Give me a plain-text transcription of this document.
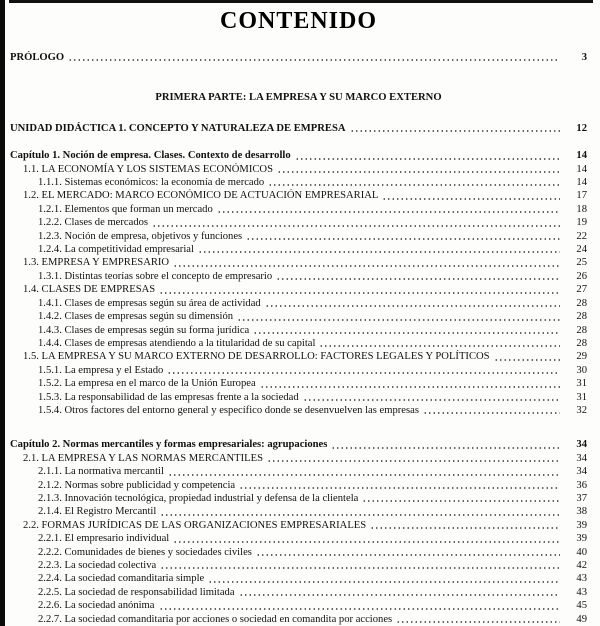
CONTENIDO
PRÓLOGO	3
PRIMERA PARTE: LA EMPRESA Y SU MARCO EXTERNO
UNIDAD DIDÁCTICA 1. CONCEPTO Y NATURALEZA DE EMPRESA	12
Capítulo 1. Noción de empresa. Clases. Contexto de desarrollo	14
1.1. LA ECONOMÍA Y LOS SISTEMAS ECONÓMICOS	14
1.1.1. Sistemas económicos: la economía de mercado	14
1.2. EL MERCADO: MARCO ECONÓMICO DE ACTUACIÓN EMPRESARIAL	17
1.2.1. Elementos que forman un mercado	18
1.2.2. Clases de mercados	19
1.2.3. Noción de empresa, objetivos y funciones	22
1.2.4. La competitividad empresarial	24
1.3. EMPRESA Y EMPRESARIO	25
1.3.1. Distintas teorías sobre el concepto de empresario	26
1.4. CLASES DE EMPRESAS	27
1.4.1. Clases de empresas según su área de actividad	28
1.4.2. Clases de empresas según su dimensión	28
1.4.3. Clases de empresas según su forma jurídica	28
1.4.4. Clases de empresas atendiendo a la titularidad de su capital	28
1.5. LA EMPRESA Y SU MARCO EXTERNO DE DESARROLLO: FACTORES LEGALES Y POLÍTICOS	29
1.5.1. La empresa y el Estado	30
1.5.2. La empresa en el marco de la Unión Europea	31
1.5.3. La responsabilidad de las empresas frente a la sociedad	31
1.5.4. Otros factores del entorno general y específico donde se desenvuelven las empresas	32
Capítulo 2. Normas mercantiles y formas empresariales: agrupaciones	34
2.1. LA EMPRESA Y LAS NORMAS MERCANTILES	34
2.1.1. La normativa mercantil	34
2.1.2. Normas sobre publicidad y competencia	36
2.1.3. Innovación tecnológica, propiedad industrial y defensa de la clientela	37
2.1.4. El Registro Mercantil	38
2.2. FORMAS JURÍDICAS DE LAS ORGANIZACIONES EMPRESARIALES	39
2.2.1. El empresario individual	39
2.2.2. Comunidades de bienes y sociedades civiles	40
2.2.3. La sociedad colectiva	42
2.2.4. La sociedad comanditaria simple	43
2.2.5. La sociedad de responsabilidad limitada	43
2.2.6. La sociedad anónima	45
2.2.7. La sociedad comanditaria por acciones o sociedad en comandita por acciones	49
